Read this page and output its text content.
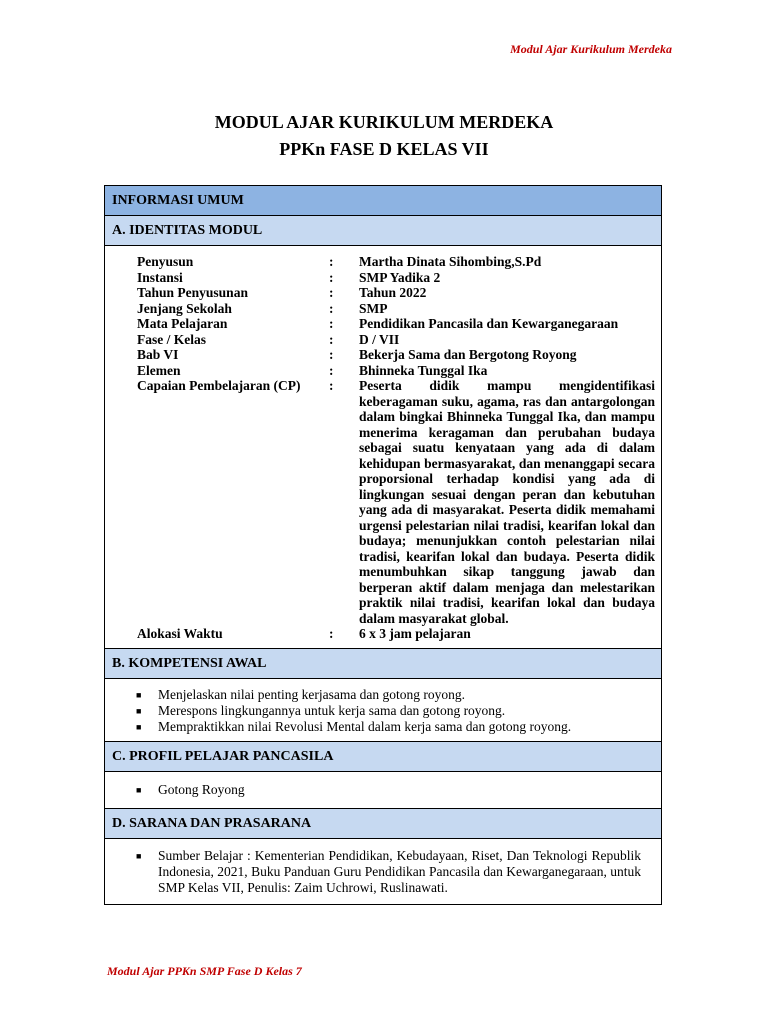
Modul Ajar Kurikulum Merdeka
MODUL AJAR KURIKULUM MERDEKA
PPKn FASE D KELAS VII
INFORMASI UMUM
A. IDENTITAS MODUL
Penyusun	:	Martha Dinata Sihombing,S.Pd
Instansi	:	SMP Yadika 2
Tahun Penyusunan	:	Tahun 2022
Jenjang Sekolah	:	SMP
Mata Pelajaran	:	Pendidikan Pancasila dan Kewarganegaraan
Fase / Kelas	:	D / VII
Bab VI	:	Bekerja Sama dan Bergotong Royong
Elemen	:	Bhinneka Tunggal Ika
Capaian Pembelajaran (CP)	:	Peserta didik mampu mengidentifikasi keberagaman suku, agama, ras dan antargolongan dalam bingkai Bhinneka Tunggal Ika, dan mampu menerima keragaman dan perubahan budaya sebagai suatu kenyataan yang ada di dalam kehidupan bermasyarakat, dan menanggapi secara proporsional terhadap kondisi yang ada di lingkungan sesuai dengan peran dan kebutuhan yang ada di masyarakat. Peserta didik memahami urgensi pelestarian nilai tradisi, kearifan lokal dan budaya; menunjukkan contoh pelestarian nilai tradisi, kearifan lokal dan budaya. Peserta didik menumbuhkan sikap tanggung jawab dan berperan aktif dalam menjaga dan melestarikan praktik nilai tradisi, kearifan lokal dan budaya dalam masyarakat global.
Alokasi Waktu	:	6 x 3 jam pelajaran
B. KOMPETENSI AWAL
■	Menjelaskan nilai penting kerjasama dan gotong royong.
■	Merespons lingkungannya untuk kerja sama dan gotong royong.
■	Mempraktikkan nilai Revolusi Mental dalam kerja sama dan gotong royong.
C. PROFIL PELAJAR PANCASILA
■	Gotong Royong
D. SARANA DAN PRASARANA
■	Sumber Belajar : Kementerian Pendidikan, Kebudayaan, Riset, Dan Teknologi Republik Indonesia, 2021, Buku Panduan Guru Pendidikan Pancasila dan Kewarganegaraan, untuk SMP Kelas VII, Penulis: Zaim Uchrowi, Ruslinawati.
Modul Ajar PPKn SMP Fase D Kelas 7
